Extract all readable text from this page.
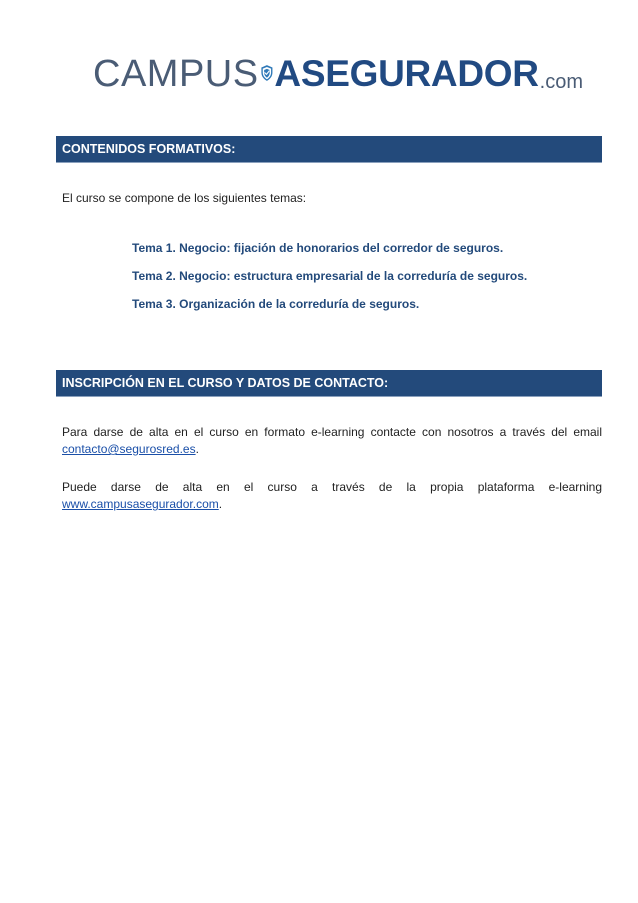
CAMPUS ASEGURADOR .com
CONTENIDOS FORMATIVOS:
El curso se compone de los siguientes temas:
Tema 1. Negocio: fijación de honorarios del corredor de seguros.
Tema 2. Negocio: estructura empresarial de la correduría de seguros.
Tema 3. Organización de la correduría de seguros.
INSCRIPCIÓN EN EL CURSO Y DATOS DE CONTACTO:
Para darse de alta en el curso en formato e-learning contacte con nosotros a través del email
contacto@segurosred.es.
Puede darse de alta en el curso a través de la propia plataforma e-learning
www.campusasegurador.com.
